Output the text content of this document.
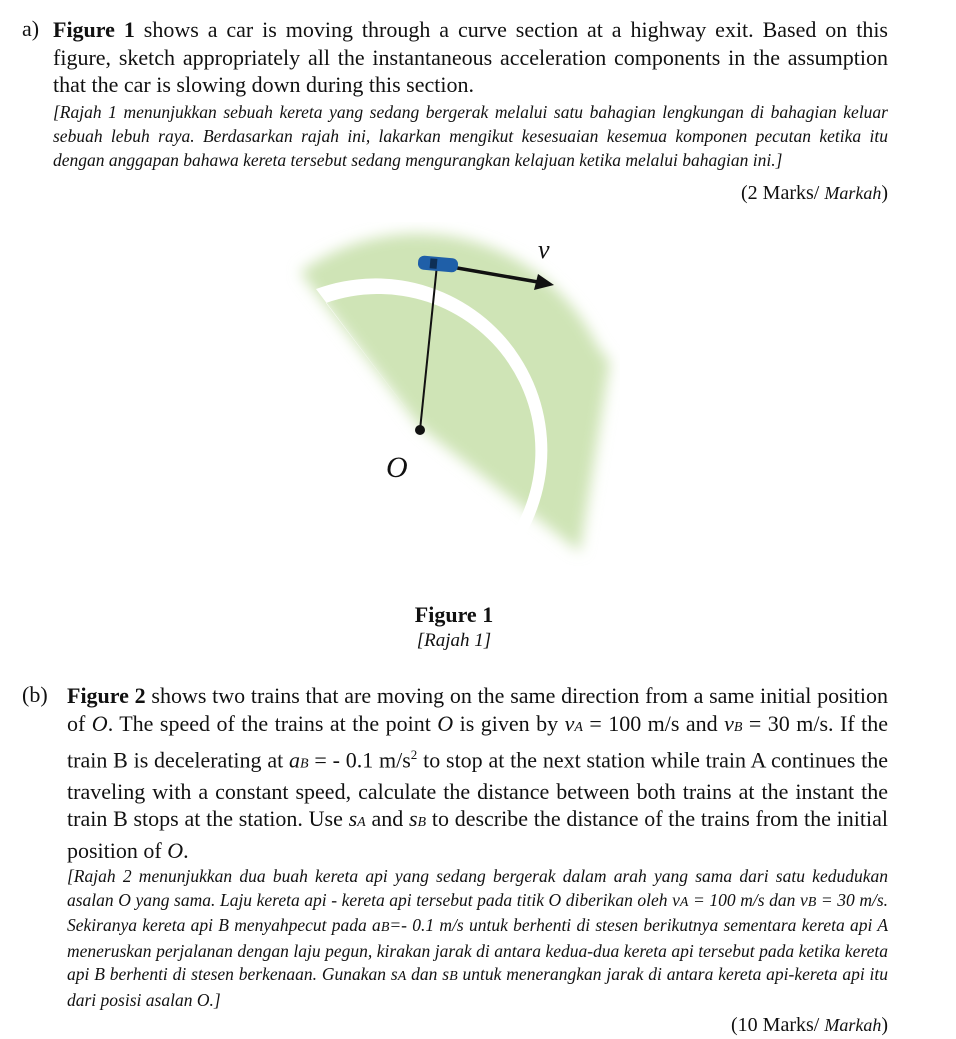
a) Figure 1 shows a car is moving through a curve section at a highway exit. Based on this figure, sketch appropriately all the instantaneous acceleration components in the assumption that the car is slowing down during this section.
[Rajah 1 menunjukkan sebuah kereta yang sedang bergerak melalui satu bahagian lengkungan di bahagian keluar sebuah lebuh raya. Berdasarkan rajah ini, lakarkan mengikut kesesuaian kesemua komponen pecutan ketika itu dengan anggapan bahawa kereta tersebut sedang mengurangkan kelajuan ketika melalui bahagian ini.]
(2 Marks/ Markah)
v
O
Figure 1
[Rajah 1]
(b) Figure 2 shows two trains that are moving on the same direction from a same initial position of O. The speed of the trains at the point O is given by vA = 100 m/s and vB = 30 m/s. If the train B is decelerating at aB = - 0.1 $m/s^2$ to stop at the next station while train A continues the traveling with a constant speed, calculate the distance between both trains at the instant the train B stops at the station. Use sA and sB to describe the distance of the trains from the initial position of O.
[Rajah 2 menunjukkan dua buah kereta api yang sedang bergerak dalam arah yang sama dari satu kedudukan asalan O yang sama. Laju kereta api - kereta api tersebut pada titik O diberikan oleh vA = 100 m/s dan vB = 30 m/s. Sekiranya kereta api B menyahpecut pada aB=- 0.1 m/s untuk berhenti di stesen berikutnya sementara kereta api A meneruskan perjalanan dengan laju pegun, kirakan jarak di antara kedua-dua kereta api tersebut pada ketika kereta api B berhenti di stesen berkenaan. Gunakan sA dan sB untuk menerangkan jarak di antara kereta api-kereta api itu dari posisi asalan O.]
(10 Marks/ Markah)
